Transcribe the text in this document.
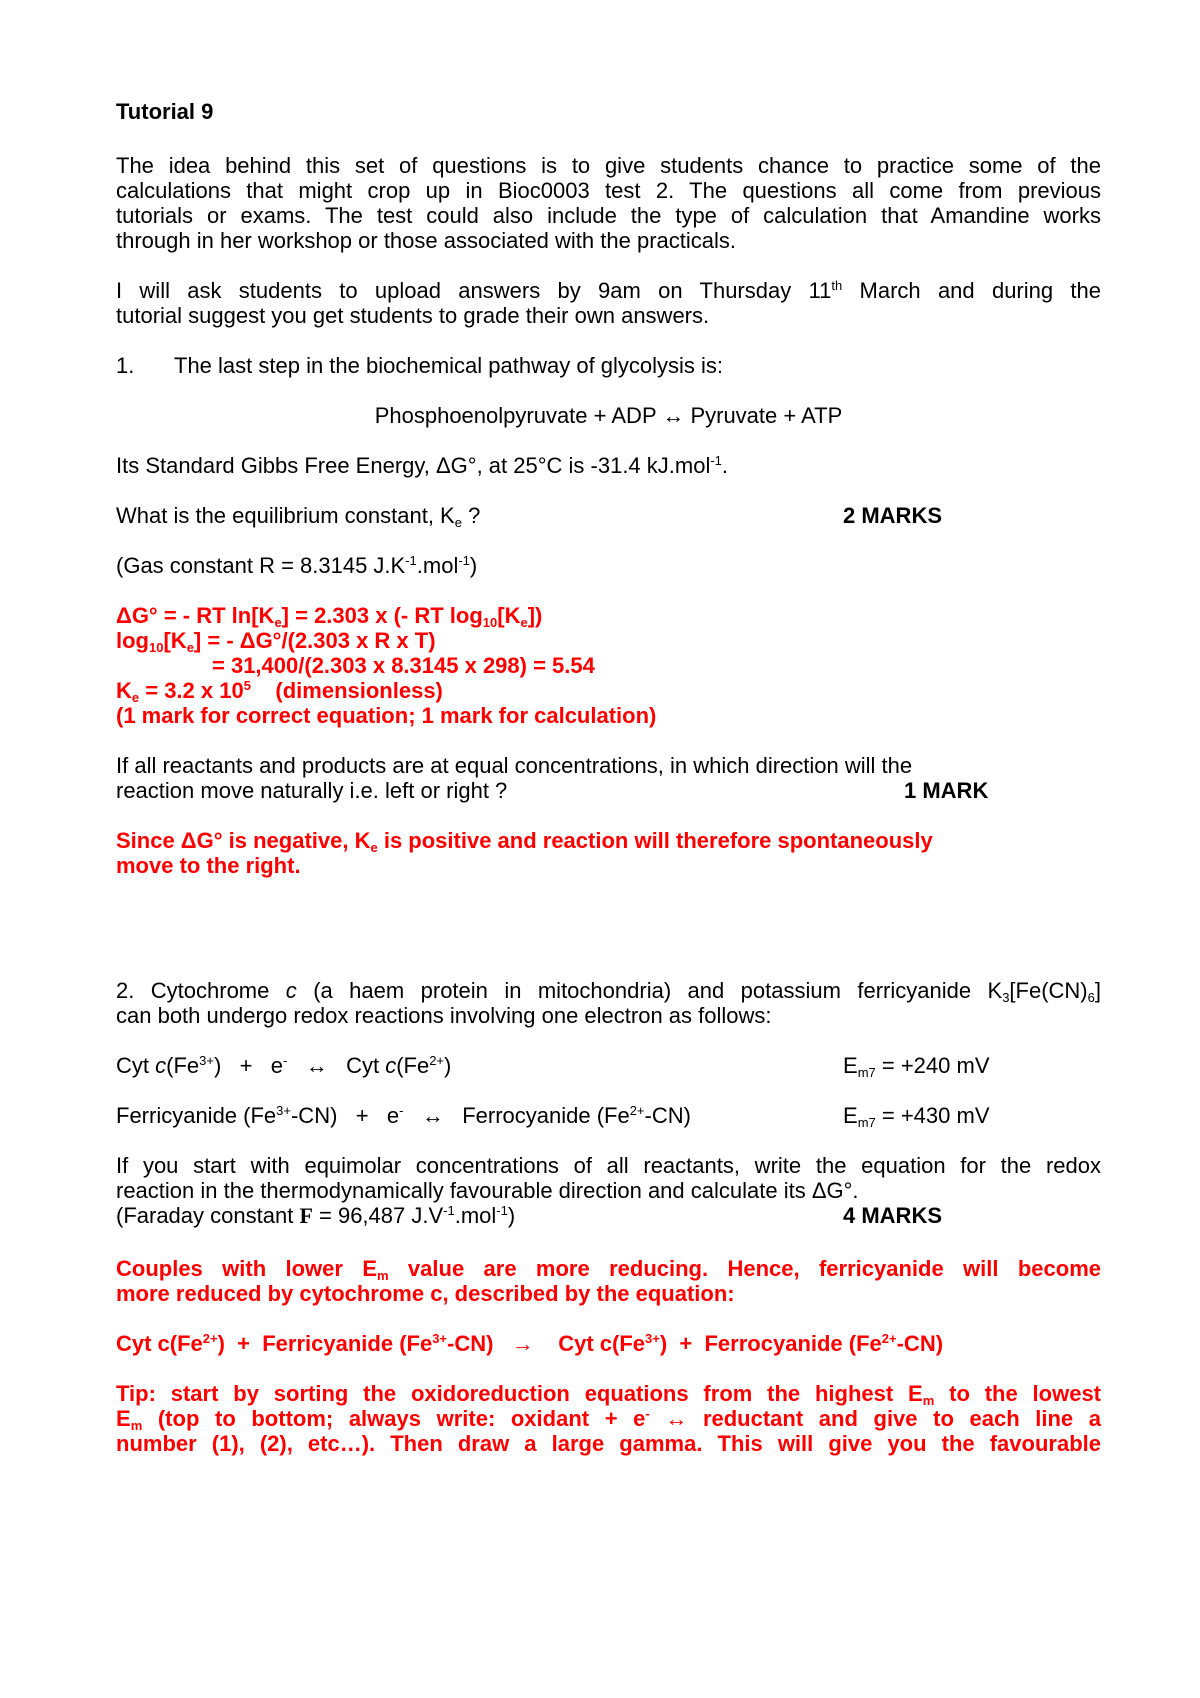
Tutorial 9
The idea behind this set of questions is to give students chance to practice some of the
calculations that might crop up in Bioc0003 test 2. The questions all come from previous
tutorials or exams. The test could also include the type of calculation that Amandine works
through in her workshop or those associated with the practicals.
I will ask students to upload answers by 9am on Thursday 11th March and during the
tutorial suggest you get students to grade their own answers.
1. The last step in the biochemical pathway of glycolysis is:
Phosphoenolpyruvate + ADP ↔ Pyruvate + ATP
Its Standard Gibbs Free Energy, ΔG°, at 25°C is -31.4 kJ.mol$^{-1}$.
What is the equilibrium constant, $K_e$ ?	2 MARKS
(Gas constant R = 8.3145 $J.K^{-1}.mol^{-1}$)
ΔG° = - RT $\ln[K_e] = 2.303$ x (- RT $\log_{10}[K_e]$)
$\log_{10}[K_e]$ = - ΔG°/(2.303 x R x T)
= 31,400/(2.303 x 8.3145 x 298) = 5.54
$K_e = 3.2$ x $10^5$    (dimensionless)
(1 mark for correct equation; 1 mark for calculation)
If all reactants and products are at equal concentrations, in which direction will the
reaction move naturally i.e. left or right ?	1 MARK
Since ΔG° is negative, $K_e$ is positive and reaction will therefore spontaneously
move to the right.
2. Cytochrome c (a haem protein in mitochondria) and potassium ferricyanide $K_3[Fe(CN)_6]$
can both undergo redox reactions involving one electron as follows:
Cyt $c(Fe^{3+}) + e^-$   ↔   Cyt $c(Fe^{2+})$	$E_{m7} = +240$ mV
Ferricyanide $(Fe^{3+}-CN) + e^-$   ↔   Ferrocyanide $(Fe^{2+}-CN)$	$E_{m7} = +430$ mV
If you start with equimolar concentrations of all reactants, write the equation for the redox
reaction in the thermodynamically favourable direction and calculate its ΔG°.
(Faraday constant F = 96,487 $J.V^{-1}.mol^{-1}$)	4 MARKS
Couples with lower $E_m$ value are more reducing. Hence, ferricyanide will become
more reduced by cytochrome c, described by the equation:
Cyt $c(Fe^{2+})$  +  Ferricyanide $(Fe^{3+}-CN)$   →    Cyt $c(Fe^{3+})$  +  Ferrocyanide $(Fe^{2+}-CN)$
Tip: start by sorting the oxidoreduction equations from the highest $E_m$ to the lowest
$E_m$ (top to bottom; always write: oxidant + e- ↔ reductant and give to each line a
number (1), (2), etc…). Then draw a large gamma. This will give you the favourable
